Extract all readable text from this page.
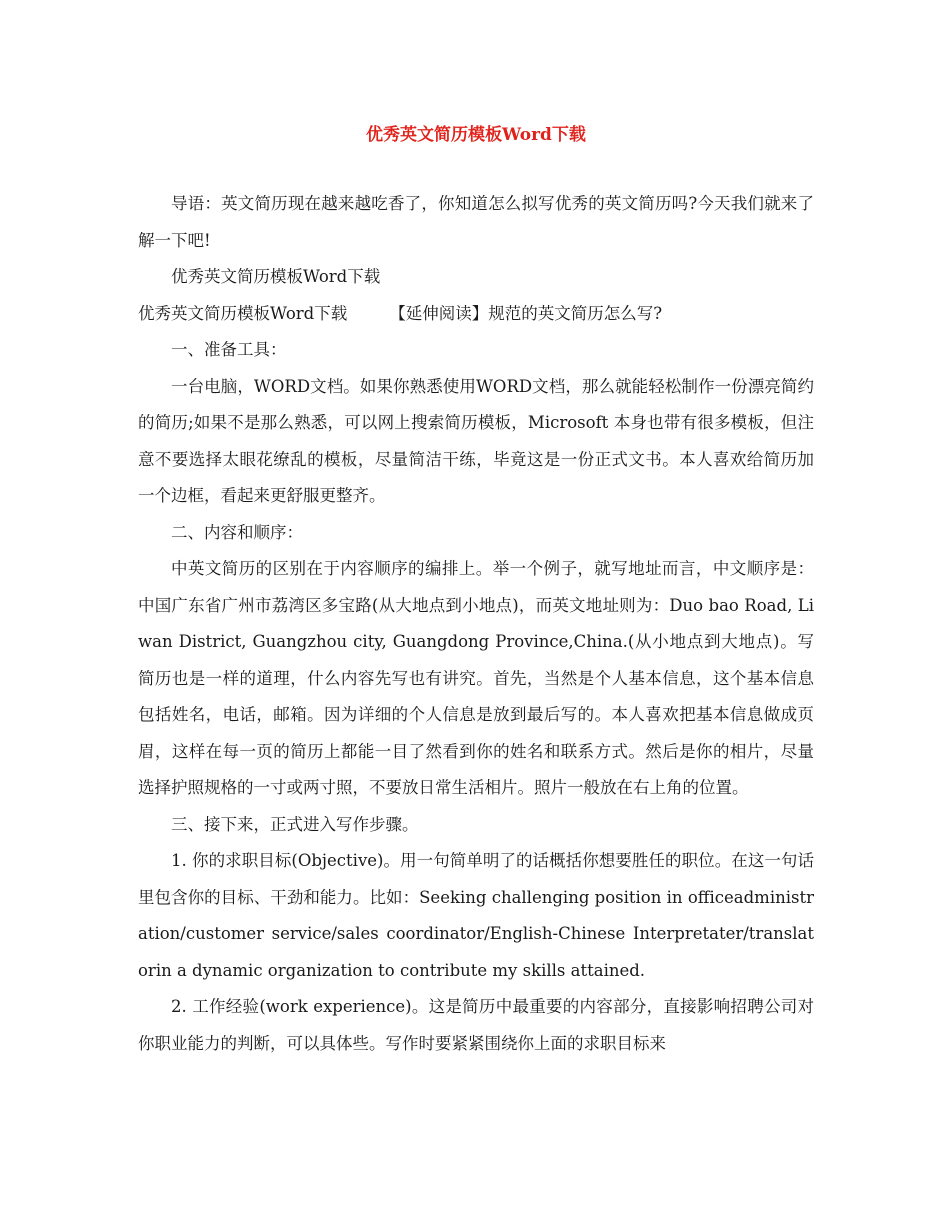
优秀英文简历模板Word下载

导语：英文简历现在越来越吃香了，你知道怎么拟写优秀的英文简历吗?今天我们就来了解一下吧!

优秀英文简历模板Word下载

优秀英文简历模板Word下载	【延伸阅读】规范的英文简历怎么写?

一、准备工具：

一台电脑，WORD文档。如果你熟悉使用WORD文档，那么就能轻松制作一份漂亮简约的简历;如果不是那么熟悉，可以网上搜索简历模板，Microsoft 本身也带有很多模板，但注意不要选择太眼花缭乱的模板，尽量简洁干练，毕竟这是一份正式文书。本人喜欢给简历加一个边框，看起来更舒服更整齐。

二、内容和顺序：

中英文简历的区别在于内容顺序的编排上。举一个例子，就写地址而言，中文顺序是：中国广东省广州市荔湾区多宝路(从大地点到小地点)，而英文地址则为：Duo bao Road, Liwan District, Guangzhou city, Guangdong Province,China.(从小地点到大地点)。写简历也是一样的道理，什么内容先写也有讲究。首先，当然是个人基本信息，这个基本信息包括姓名，电话，邮箱。因为详细的个人信息是放到最后写的。本人喜欢把基本信息做成页眉，这样在每一页的简历上都能一目了然看到你的姓名和联系方式。然后是你的相片，尽量选择护照规格的一寸或两寸照，不要放日常生活相片。照片一般放在右上角的位置。

三、接下来，正式进入写作步骤。

1. 你的求职目标(Objective)。用一句简单明了的话概括你想要胜任的职位。在这一句话里包含你的目标、干劲和能力。比如：Seeking challenging position in officeadministration/customer service/sales coordinator/English-Chinese Interpretater/translatorin a dynamic organization to contribute my skills attained.

2. 工作经验(work experience)。这是简历中最重要的内容部分，直接影响招聘公司对你职业能力的判断，可以具体些。写作时要紧紧围绕你上面的求职目标来
